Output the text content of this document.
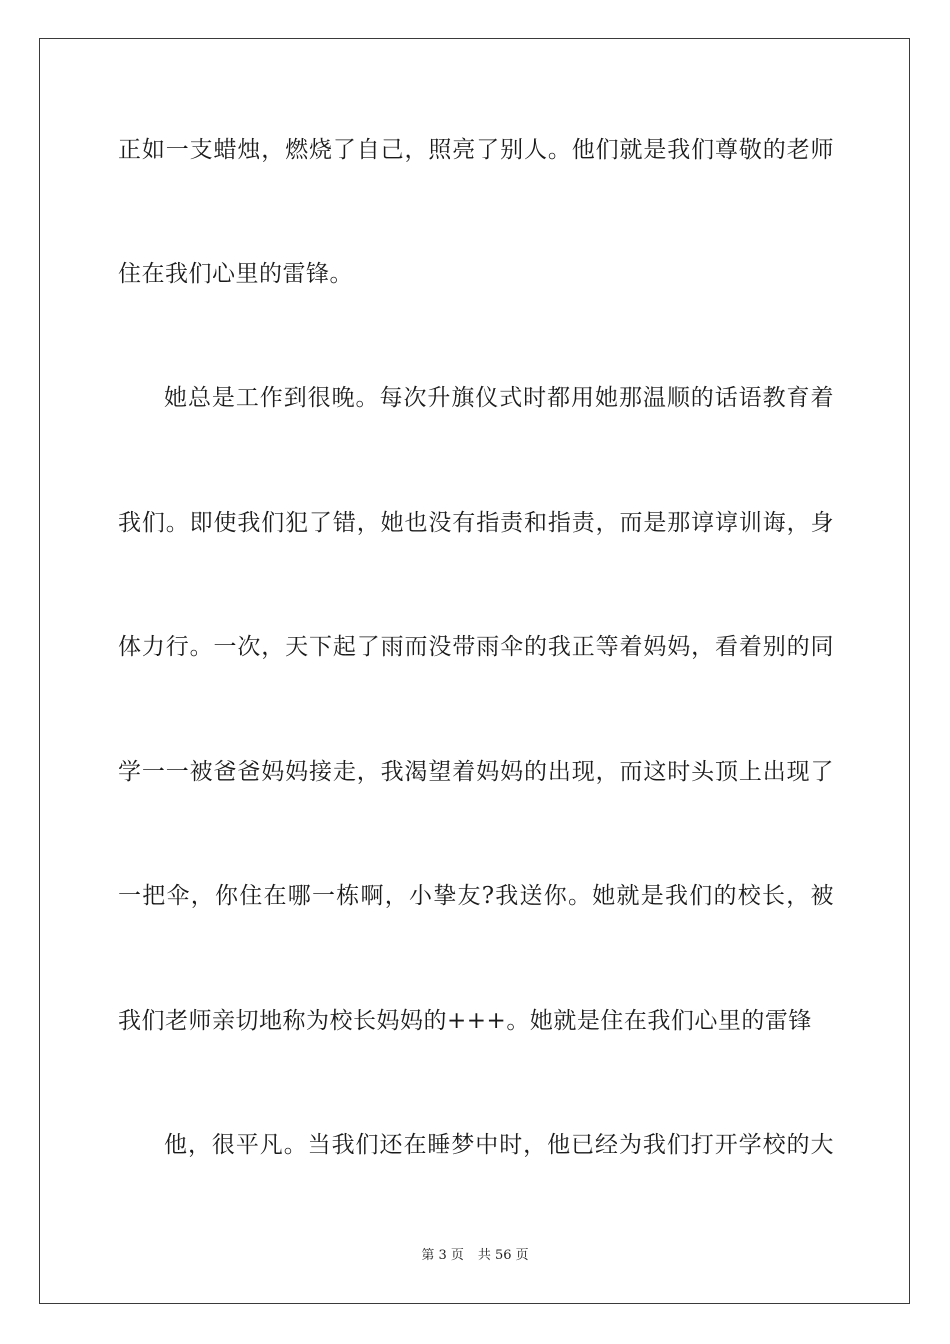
正如一支蜡烛，燃烧了自己，照亮了别人。他们就是我们尊敬的老师
住在我们心里的雷锋。
她总是工作到很晚。每次升旗仪式时都用她那温顺的话语教育着
我们。即使我们犯了错，她也没有指责和指责，而是那谆谆训诲，身
体力行。一次，天下起了雨而没带雨伞的我正等着妈妈，看着别的同
学一一被爸爸妈妈接走，我渴望着妈妈的出现，而这时头顶上出现了
一把伞，你住在哪一栋啊，小挚友?我送你。她就是我们的校长，被
我们老师亲切地称为校长妈妈的+++。她就是住在我们心里的雷锋
他，很平凡。当我们还在睡梦中时，他已经为我们打开学校的大
第 3 页 共 56 页
